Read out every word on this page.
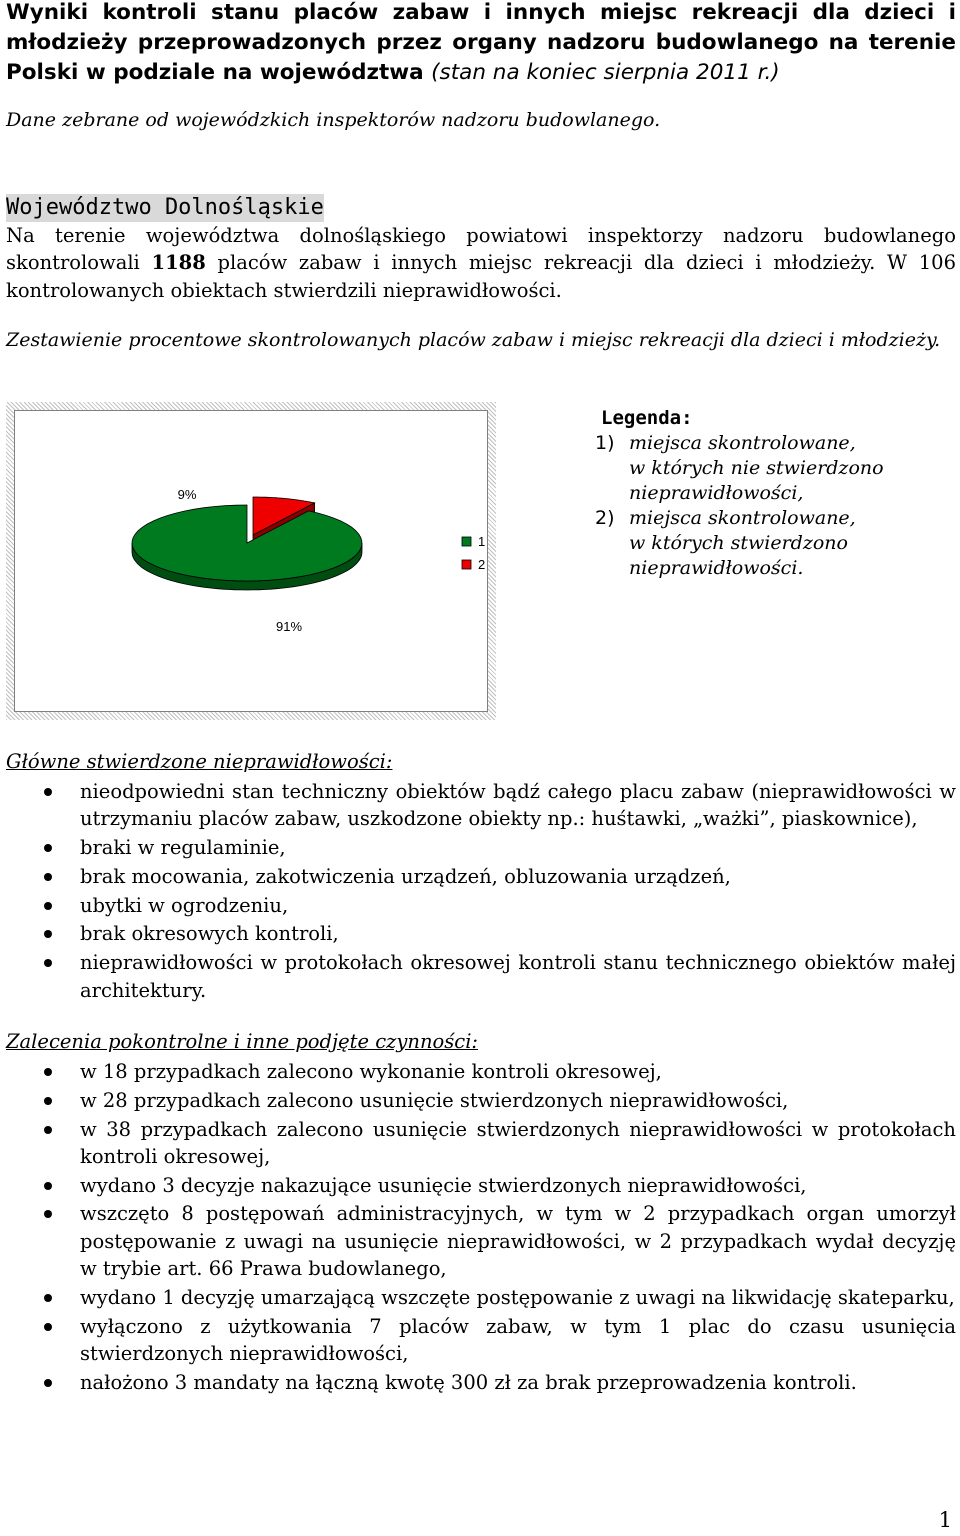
Wyniki kontroli stanu placów zabaw i innych miejsc rekreacji dla dzieci i młodzieży przeprowadzonych przez organy nadzoru budowlanego na terenie Polski w podziale na województwa (stan na koniec sierpnia 2011 r.)
Dane zebrane od wojewódzkich inspektorów nadzoru budowlanego.
Województwo Dolnośląskie
Na terenie województwa dolnośląskiego powiatowi inspektorzy nadzoru budowlanego skontrolowali 1188 placów zabaw i innych miejsc rekreacji dla dzieci i młodzieży. W 106 kontrolowanych obiektach stwierdzili nieprawidłowości.
Zestawienie procentowe skontrolowanych placów zabaw i miejsc rekreacji dla dzieci i młodzieży.
9%
91%
1
2
Legenda:
1) miejsca skontrolowane,
w których nie stwierdzono
nieprawidłowości,
2) miejsca skontrolowane,
w których stwierdzono
nieprawidłowości.
Główne stwierdzone nieprawidłowości:
nieodpowiedni stan techniczny obiektów bądź całego placu zabaw (nieprawidłowości w utrzymaniu placów zabaw, uszkodzone obiekty np.: huśtawki, „ważki”, piaskownice),
braki w regulaminie,
brak mocowania, zakotwiczenia urządzeń, obluzowania urządzeń,
ubytki w ogrodzeniu,
brak okresowych kontroli,
nieprawidłowości w protokołach okresowej kontroli stanu technicznego obiektów małej architektury.
Zalecenia pokontrolne i inne podjęte czynności:
w 18 przypadkach zalecono wykonanie kontroli okresowej,
w 28 przypadkach zalecono usunięcie stwierdzonych nieprawidłowości,
w 38 przypadkach zalecono usunięcie stwierdzonych nieprawidłowości w protokołach kontroli okresowej,
wydano 3 decyzje nakazujące usunięcie stwierdzonych nieprawidłowości,
wszczęto 8 postępowań administracyjnych, w tym w 2 przypadkach organ umorzył postępowanie z uwagi na usunięcie nieprawidłowości, w 2 przypadkach wydał decyzję w trybie art. 66 Prawa budowlanego,
wydano 1 decyzję umarzającą wszczęte postępowanie z uwagi na likwidację skateparku,
wyłączono z użytkowania 7 placów zabaw, w tym 1 plac do czasu usunięcia stwierdzonych nieprawidłowości,
nałożono 3 mandaty na łączną kwotę 300 zł za brak przeprowadzenia kontroli.
1
